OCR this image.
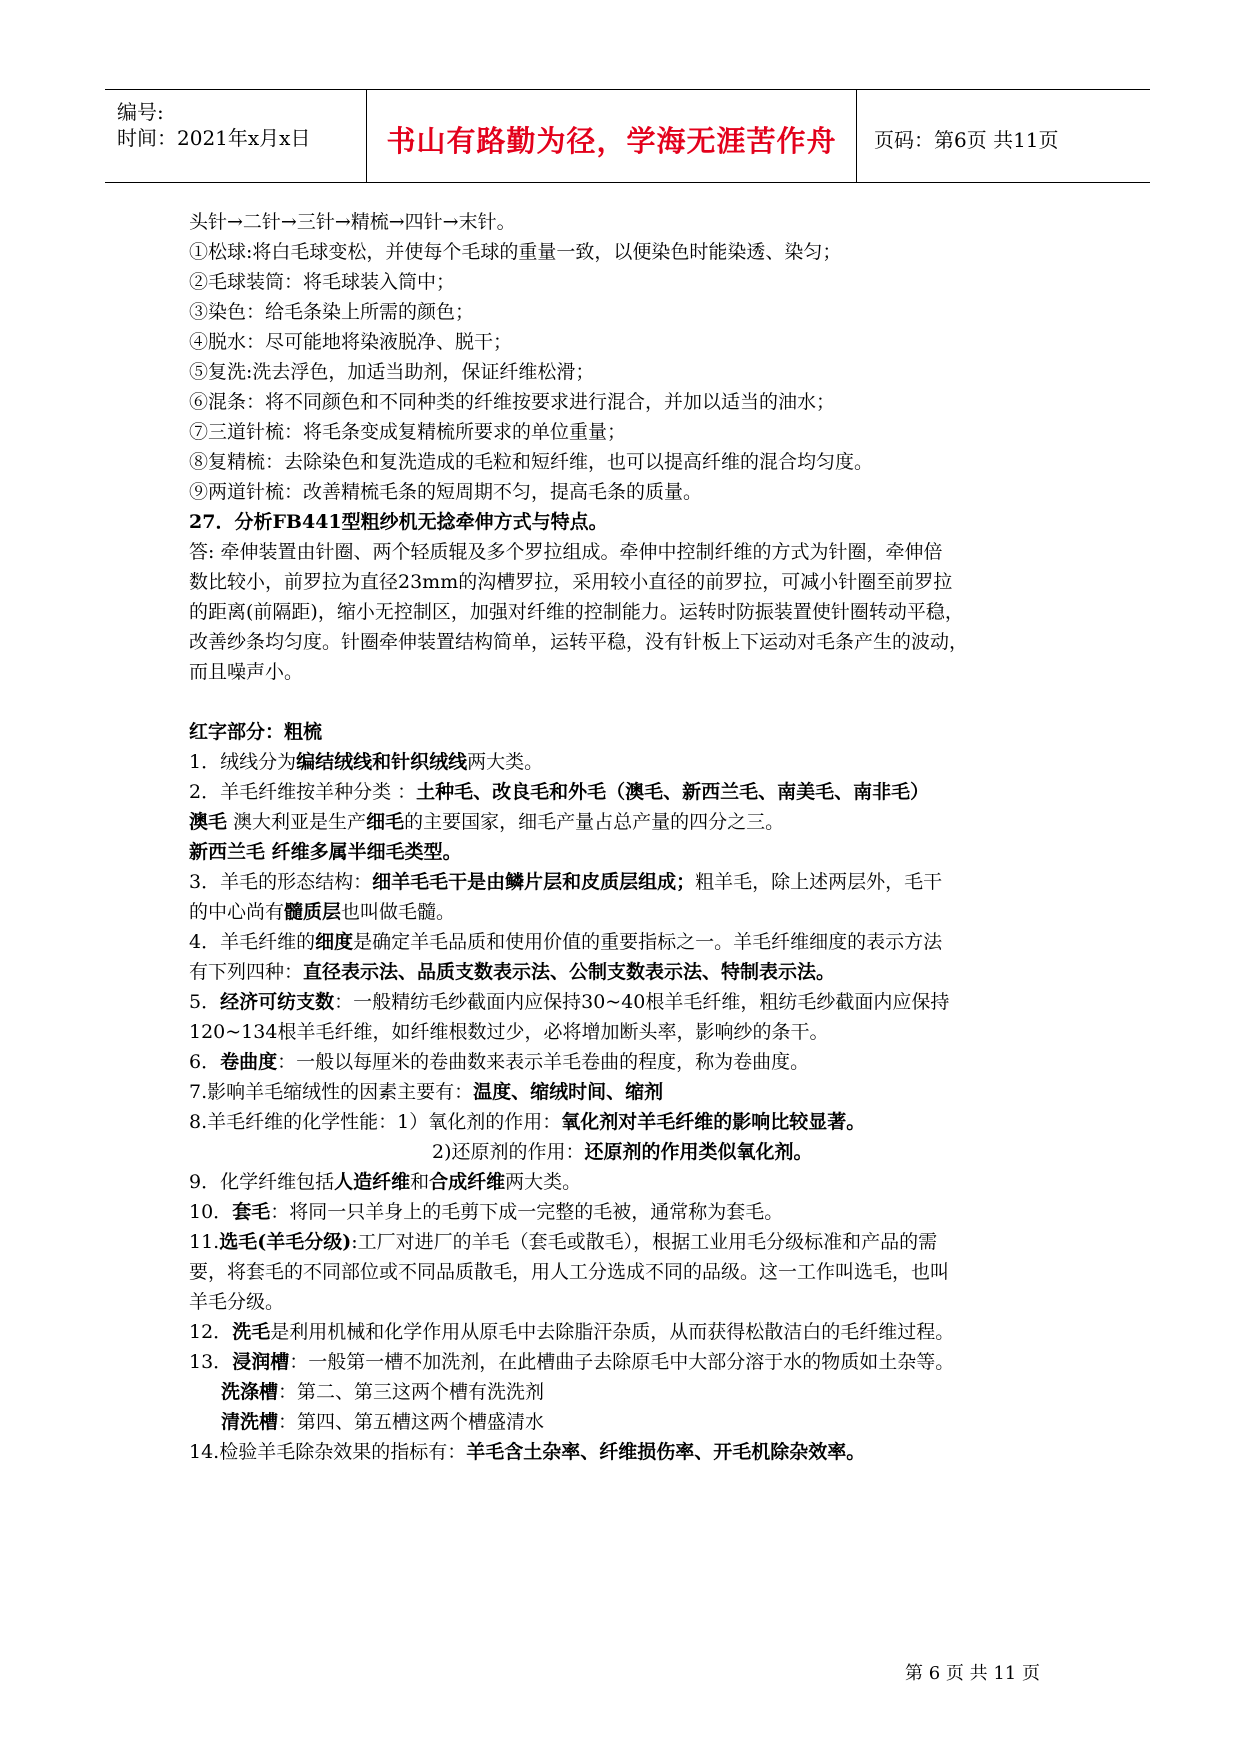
编号:
时间：2021年x月x日	书山有路勤为径，学海无涯苦作舟	页码：第6页 共11页
头针→二针→三针→精梳→四针→末针。
①松球:将白毛球变松，并使每个毛球的重量一致，以便染色时能染透、染匀；
②毛球装筒：将毛球装入筒中；
③染色：给毛条染上所需的颜色；
④脱水：尽可能地将染液脱净、脱干；
⑤复洗:洗去浮色，加适当助剂，保证纤维松滑；
⑥混条：将不同颜色和不同种类的纤维按要求进行混合，并加以适当的油水；
⑦三道针梳：将毛条变成复精梳所要求的单位重量；
⑧复精梳：去除染色和复洗造成的毛粒和短纤维，也可以提高纤维的混合均匀度。
⑨两道针梳：改善精梳毛条的短周期不匀，提高毛条的质量。
27．分析FB441型粗纱机无捻牵伸方式与特点。
答: 牵伸装置由针圈、两个轻质辊及多个罗拉组成。牵伸中控制纤维的方式为针圈，牵伸倍
数比较小，前罗拉为直径23mm的沟槽罗拉，采用较小直径的前罗拉，可减小针圈至前罗拉
的距离(前隔距)，缩小无控制区，加强对纤维的控制能力。运转时防振装置使针圈转动平稳，
改善纱条均匀度。针圈牵伸装置结构简单，运转平稳，没有针板上下运动对毛条产生的波动，
而且噪声小。
红字部分：粗梳
1．绒线分为编结绒线和针织绒线两大类。
2．羊毛纤维按羊种分类 ：土种毛、改良毛和外毛（澳毛、新西兰毛、南美毛、南非毛）
澳毛 澳大利亚是生产细毛的主要国家，细毛产量占总产量的四分之三。
新西兰毛 纤维多属半细毛类型。
3．羊毛的形态结构：细羊毛毛干是由鳞片层和皮质层组成；粗羊毛，除上述两层外，毛干
的中心尚有髓质层也叫做毛髓。
4．羊毛纤维的细度是确定羊毛品质和使用价值的重要指标之一。羊毛纤维细度的表示方法
有下列四种：直径表示法、品质支数表示法、公制支数表示法、特制表示法。
5．经济可纺支数：一般精纺毛纱截面内应保持30~40根羊毛纤维，粗纺毛纱截面内应保持
120~134根羊毛纤维，如纤维根数过少，必将增加断头率，影响纱的条干。
6．卷曲度：一般以每厘米的卷曲数来表示羊毛卷曲的程度，称为卷曲度。
7.影响羊毛缩绒性的因素主要有：温度、缩绒时间、缩剂
8.羊毛纤维的化学性能：1）氧化剂的作用：氧化剂对羊毛纤维的影响比较显著。
2)还原剂的作用：还原剂的作用类似氧化剂。
9．化学纤维包括人造纤维和合成纤维两大类。
10．套毛：将同一只羊身上的毛剪下成一完整的毛被，通常称为套毛。
11.选毛(羊毛分级):工厂对进厂的羊毛（套毛或散毛），根据工业用毛分级标准和产品的需
要，将套毛的不同部位或不同品质散毛，用人工分选成不同的品级。这一工作叫选毛，也叫
羊毛分级。
12．洗毛是利用机械和化学作用从原毛中去除脂汗杂质，从而获得松散洁白的毛纤维过程。
13．浸润槽：一般第一槽不加洗剂，在此槽曲子去除原毛中大部分溶于水的物质如土杂等。
洗涤槽：第二、第三这两个槽有洗洗剂
清洗槽：第四、第五槽这两个槽盛清水
14.检验羊毛除杂效果的指标有：羊毛含土杂率、纤维损伤率、开毛机除杂效率。
第 6 页 共 11 页
